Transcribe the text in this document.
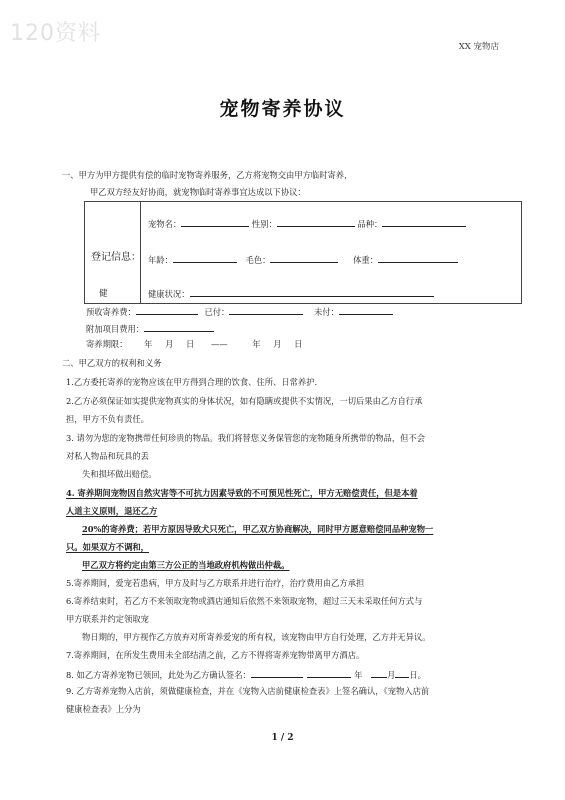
120资料
XX 宠物店
宠物寄养协议
一、甲方为甲方提供有偿的临时宠物寄养服务，乙方将宠物交由甲方临时寄养，
甲乙双方经友好协商，就宠物临时寄养事宜达成以下协议：
登记信息：
健
宠物名：	性别：	品种：
年龄：	毛色：	体重：
健康状况：
预收寄养费：	已付：	未付：
附加项目费用：
寄养期限： 年 月 日 ——	年 月 日
二、甲乙双方的权利和义务
1.乙方委托寄养的宠物应该在甲方得到合理的饮食、住所、日常养护.
2.乙方必须保证如实提供宠物真实的身体状况，如有隐瞒或提供不实情况，一切后果由乙方自行承
担，甲方不负有责任。
3. 请勿为您的宠物携带任何珍贵的物品。我们将替您义务保管您的宠物随身所携带的物品，但不会
对私人物品和玩具的丢
失和损坏做出赔偿。
4. 寄养期间宠物因自然灾害等不可抗力因素导致的不可预见性死亡，甲方无赔偿责任，但是本着
人道主义原则，退还乙方
20%的寄养费；若甲方原因导致犬只死亡，甲乙双方协商解决，同时甲方愿意赔偿同品种宠物一
只。如果双方不调和，
甲乙双方将约定由第三方公正的当地政府机构做出仲裁。
5.寄养期间，爱宠若患病，甲方及时与乙方联系并进行治疗，治疗费用由乙方承担
6.寄养结束时，若乙方不来领取宠物或酒店通知后依然不来领取宠物，超过三天未采取任何方式与
甲方联系并约定领取宠
物日期的，甲方视作乙方放弃对所寄养爱宠的所有权，该宠物由甲方自行处理，乙方并无异议。
7.寄养期间，在所发生费用未全部结清之前，乙方不得将寄养宠物带离甲方酒店。
8. 如乙方寄养宠物已领回，此处为乙方确认签名：	年	月 日。
9. 乙方寄养宠物入店前，须做健康检查，并在《宠物入店前健康检查表》上签名确认，《宠物入店前
健康检查表》上分为
1 / 2
